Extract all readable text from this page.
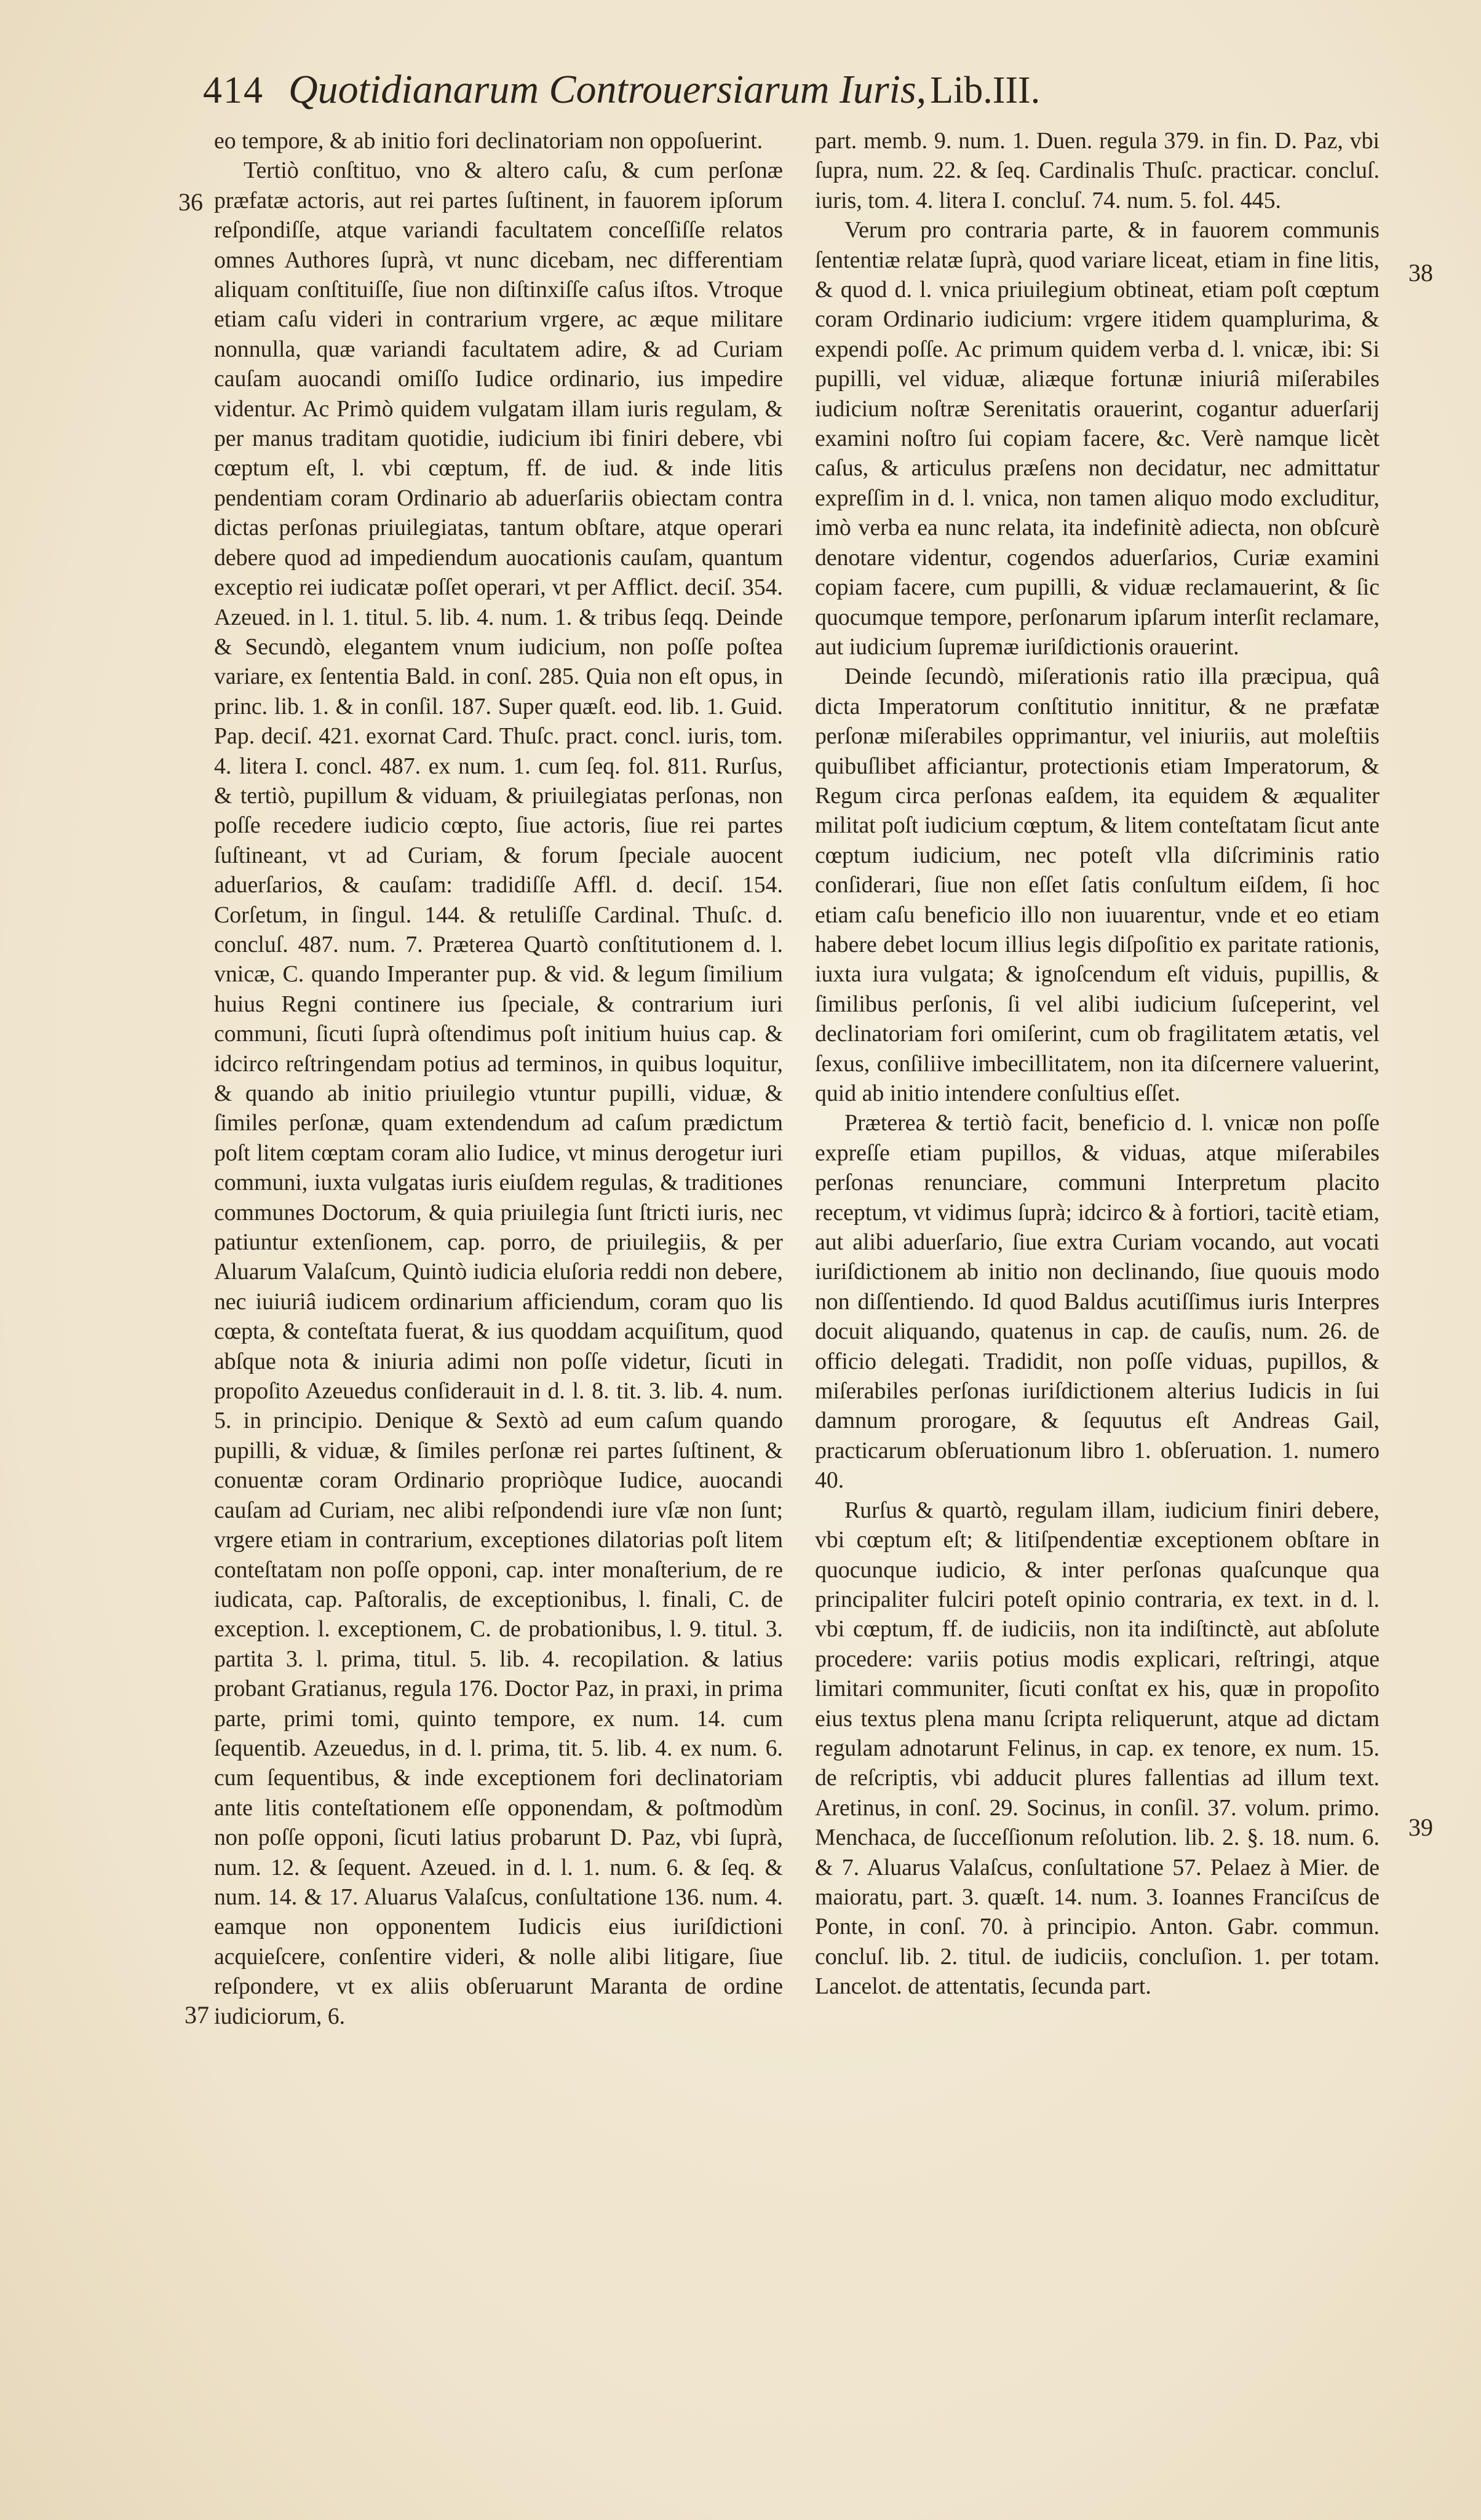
414 Quotidianarum Controuersiarum Iuris, Lib.III.
36
37
38
39

eo tempore, & ab initio fori declinatoriam non oppoſuerint.

Tertiò conſtituo, vno & altero caſu, & cum perſonæ præfatæ actoris, aut rei partes ſuſtinent, in fauorem ipſorum reſpondiſſe, atque variandi facultatem conceſſiſſe relatos omnes Authores ſuprà, vt nunc dicebam, nec differentiam aliquam conſtituiſſe, ſiue non diſtinxiſſe caſus iſtos. Vtroque etiam caſu videri in contrarium vrgere, ac æque militare nonnulla, quæ variandi facultatem adire, & ad Curiam cauſam auocandi omiſſo Iudice ordinario, ius impedire videntur. Ac Primò quidem vulgatam illam iuris regulam, & per manus traditam quotidie, iudicium ibi finiri debere, vbi cœptum eſt, l. vbi cœptum, ff. de iud. & inde litis pendentiam coram Ordinario ab aduerſariis obiectam contra dictas perſonas priuilegiatas, tantum obſtare, atque operari debere quod ad impediendum auocationis cauſam, quantum exceptio rei iudicatæ poſſet operari, vt per Afflict. deciſ. 354. Azeued. in l. 1. titul. 5. lib. 4. num. 1. & tribus ſeqq. Deinde & Secundò, elegantem vnum iudicium, non poſſe poſtea variare, ex ſententia Bald. in conſ. 285. Quia non eſt opus, in princ. lib. 1. & in conſil. 187. Super quæſt. eod. lib. 1. Guid. Pap. deciſ. 421. exornat Card. Thuſc. pract. concl. iuris, tom. 4. litera I. concl. 487. ex num. 1. cum ſeq. fol. 811. Rurſus, & tertiò, pupillum & viduam, & priuilegiatas perſonas, non poſſe recedere iudicio cœpto, ſiue actoris, ſiue rei partes ſuſtineant, vt ad Curiam, & forum ſpeciale auocent aduerſarios, & cauſam: tradidiſſe Affl. d. deciſ. 154. Corſetum, in ſingul. 144. & retuliſſe Cardinal. Thuſc. d. concluſ. 487. num. 7. Præterea Quartò conſtitutionem d. l. vnicæ, C. quando Imperanter pup. & vid. & legum ſimilium huius Regni continere ius ſpeciale, & contrarium iuri communi, ſicuti ſuprà oſtendimus poſt initium huius cap. & idcirco reſtringendam potius ad terminos, in quibus loquitur, & quando ab initio priuilegio vtuntur pupilli, viduæ, & ſimiles perſonæ, quam extendendum ad caſum prædictum poſt litem cœptam coram alio Iudice, vt minus derogetur iuri communi, iuxta vulgatas iuris eiuſdem regulas, & traditiones communes Doctorum, & quia priuilegia ſunt ſtricti iuris, nec patiuntur extenſionem, cap. porro, de priuilegiis, & per Aluarum Valaſcum, Quintò iudicia eluſoria reddi non debere, nec iuiuriâ iudicem ordinarium afficiendum, coram quo lis cœpta, & conteſtata fuerat, & ius quoddam acquiſitum, quod abſque nota & iniuria adimi non poſſe videtur, ſicuti in propoſito Azeuedus conſiderauit in d. l. 8. tit. 3. lib. 4. num. 5. in principio. Denique & Sextò ad eum caſum quando pupilli, & viduæ, & ſimiles perſonæ rei partes ſuſtinent, & conuentæ coram Ordinario propriòque Iudice, auocandi cauſam ad Curiam, nec alibi reſpondendi iure vſæ non ſunt; vrgere etiam in contrarium, exceptiones dilatorias poſt litem conteſtatam non poſſe opponi, cap. inter monaſterium, de re iudicata, cap. Paſtoralis, de exceptionibus, l. finali, C. de exception. l. exceptionem, C. de probationibus, l. 9. titul. 3. partita 3. l. prima, titul. 5. lib. 4. recopilation. & latius probant Gratianus, regula 176. Doctor Paz, in praxi, in prima parte, primi tomi, quinto tempore, ex num. 14. cum ſequentib. Azeuedus, in d. l. prima, tit. 5. lib. 4. ex num. 6. cum ſequentibus, & inde exceptionem fori declinatoriam ante litis conteſtationem eſſe opponendam, & poſtmodùm non poſſe opponi, ſicuti latius probarunt D. Paz, vbi ſuprà, num. 12. & ſequent. Azeued. in d. l. 1. num. 6. & ſeq. & num. 14. & 17. Aluarus Valaſcus, conſultatione 136. num. 4. eamque non opponentem Iudicis eius iuriſdictioni acquieſcere, conſentire videri, & nolle alibi litigare, ſiue reſpondere, vt ex aliis obſeruarunt Maranta de ordine iudiciorum, 6.

part. memb. 9. num. 1. Duen. regula 379. in fin. D. Paz, vbi ſupra, num. 22. & ſeq. Cardinalis Thuſc. practicar. concluſ. iuris, tom. 4. litera I. concluſ. 74. num. 5. fol. 445.

Verum pro contraria parte, & in fauorem communis ſententiæ relatæ ſuprà, quod variare liceat, etiam in fine litis, & quod d. l. vnica priuilegium obtineat, etiam poſt cœptum coram Ordinario iudicium: vrgere itidem quamplurima, & expendi poſſe. Ac primum quidem verba d. l. vnicæ, ibi: Si pupilli, vel viduæ, aliæque fortunæ iniuriâ miſerabiles iudicium noſtræ Serenitatis orauerint, cogantur aduerſarij examini noſtro ſui copiam facere, &c. Verè namque licèt caſus, & articulus præſens non decidatur, nec admittatur expreſſim in d. l. vnica, non tamen aliquo modo excluditur, imò verba ea nunc relata, ita indefinitè adiecta, non obſcurè denotare videntur, cogendos aduerſarios, Curiæ examini copiam facere, cum pupilli, & viduæ reclamauerint, & ſic quocumque tempore, perſonarum ipſarum interſit reclamare, aut iudicium ſupremæ iuriſdictionis orauerint.

Deinde ſecundò, miſerationis ratio illa præcipua, quâ dicta Imperatorum conſtitutio innititur, & ne præfatæ perſonæ miſerabiles opprimantur, vel iniuriis, aut moleſtiis quibuſlibet afficiantur, protectionis etiam Imperatorum, & Regum circa perſonas eaſdem, ita equidem & æqualiter militat poſt iudicium cœptum, & litem conteſtatam ſicut ante cœptum iudicium, nec poteſt vlla diſcriminis ratio conſiderari, ſiue non eſſet ſatis conſultum eiſdem, ſi hoc etiam caſu beneficio illo non iuuarentur, vnde et eo etiam habere debet locum illius legis diſpoſitio ex paritate rationis, iuxta iura vulgata; & ignoſcendum eſt viduis, pupillis, & ſimilibus perſonis, ſi vel alibi iudicium ſuſceperint, vel declinatoriam fori omiſerint, cum ob fragilitatem ætatis, vel ſexus, conſiliive imbecillitatem, non ita diſcernere valuerint, quid ab initio intendere conſultius eſſet.

Præterea & tertiò facit, beneficio d. l. vnicæ non poſſe expreſſe etiam pupillos, & viduas, atque miſerabiles perſonas renunciare, communi Interpretum placito receptum, vt vidimus ſuprà; idcirco & à fortiori, tacitè etiam, aut alibi aduerſario, ſiue extra Curiam vocando, aut vocati iuriſdictionem ab initio non declinando, ſiue quouis modo non diſſentiendo. Id quod Baldus acutiſſimus iuris Interpres docuit aliquando, quatenus in cap. de cauſis, num. 26. de officio delegati. Tradidit, non poſſe viduas, pupillos, & miſerabiles perſonas iuriſdictionem alterius Iudicis in ſui damnum prorogare, & ſequutus eſt Andreas Gail, practicarum obſeruationum libro 1. obſeruation. 1. numero 40.

Rurſus & quartò, regulam illam, iudicium finiri debere, vbi cœptum eſt; & litiſpendentiæ exceptionem obſtare in quocunque iudicio, & inter perſonas quaſcunque qua principaliter fulciri poteſt opinio contraria, ex text. in d. l. vbi cœptum, ff. de iudiciis, non ita indiſtinctè, aut abſolute procedere: variis potius modis explicari, reſtringi, atque limitari communiter, ſicuti conſtat ex his, quæ in propoſito eius textus plena manu ſcripta reliquerunt, atque ad dictam regulam adnotarunt Felinus, in cap. ex tenore, ex num. 15. de reſcriptis, vbi adducit plures fallentias ad illum text. Aretinus, in conſ. 29. Socinus, in conſil. 37. volum. primo. Menchaca, de ſucceſſionum reſolution. lib. 2. §. 18. num. 6. & 7. Aluarus Valaſcus, conſultatione 57. Pelaez à Mier. de maioratu, part. 3. quæſt. 14. num. 3. Ioannes Franciſcus de Ponte, in conſ. 70. à principio. Anton. Gabr. commun. concluſ. lib. 2. titul. de iudiciis, concluſion. 1. per totam. Lancelot. de attentatis, ſecunda part.
